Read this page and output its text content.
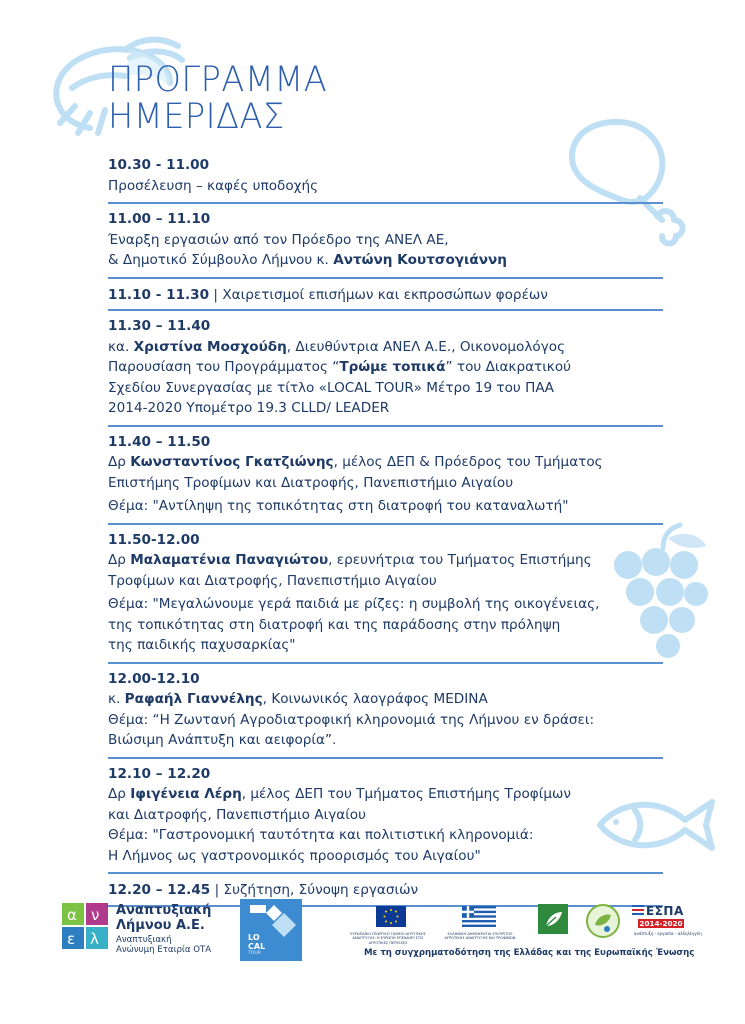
ΠΡΟΓΡΑΜΜΑ
ΗΜΕΡΙΔΑΣ
10.30 - 11.00
Προσέλευση – καφές υποδοχής
11.00 – 11.10
Έναρξη εργασιών από τον Πρόεδρο της ΑΝΕΛ ΑΕ,
& Δημοτικό Σύμβουλο Λήμνου κ. Αντώνη Κουτσογιάννη
11.10 - 11.30 | Χαιρετισμοί επισήμων και εκπροσώπων φορέων
11.30 – 11.40
κα. Χριστίνα Μοσχούδη, Διευθύντρια ΑΝΕΛ Α.Ε., Οικονομολόγος
Παρουσίαση του Προγράμματος “Τρώμε τοπικά” του Διακρατικού
Σχεδίου Συνεργασίας με τίτλο «LOCAL TOUR» Μέτρο 19 του ΠΑΑ
2014-2020 Υπομέτρο 19.3 CLLD/ LEADER
11.40 – 11.50
Δρ Κωνσταντίνος Γκατζιώνης, μέλος ΔΕΠ & Πρόεδρος του Τμήματος
Επιστήμης Τροφίμων και Διατροφής, Πανεπιστήμιο Αιγαίου
Θέμα: "Αντίληψη της τοπικότητας στη διατροφή του καταναλωτή"
11.50-12.00
Δρ Μαλαματένια Παναγιώτου, ερευνήτρια του Τμήματος Επιστήμης
Τροφίμων και Διατροφής, Πανεπιστήμιο Αιγαίου
Θέμα: "Μεγαλώνουμε γερά παιδιά με ρίζες: η συμβολή της οικογένειας,
της τοπικότητας στη διατροφή και της παράδοσης στην πρόληψη
της παιδικής παχυσαρκίας"
12.00-12.10
κ. Ραφαήλ Γιαννέλης, Κοινωνικός λαογράφος MEDINA
Θέμα: “Η Ζωντανή Αγροδιατροφική κληρονομιά της Λήμνου εν δράσει:
Βιώσιμη Ανάπτυξη και αειφορία”.
12.10 – 12.20
Δρ Ιφιγένεια Λέρη, μέλος ΔΕΠ του Τμήματος Επιστήμης Τροφίμων
και Διατροφής, Πανεπιστήμιο Αιγαίου
Θέμα: "Γαστρονομική ταυτότητα και πολιτιστική κληρονομιά:
Η Λήμνος ως γαστρονομικός προορισμός του Αιγαίου"
12.20 – 12.45 | Συζήτηση, Σύνοψη εργασιών
α ν
ε λ
Αναπτυξιακή
Λήμνου Α.Ε.
Αναπτυξιακή
Ανώνυμη Εταιρία ΟΤΑ
LO
CAL
TOUR
ΕΥΡΩΠΑΪΚΟ ΓΕΩΡΓΙΚΟ ΤΑΜΕΙΟ ΑΓΡΟΤΙΚΗΣ ΑΝΑΠΤΥΞΗΣ: Η ΕΥΡΩΠΗ ΕΠΕΝΔΥΕΙ ΣΤΙΣ ΑΓΡΟΤΙΚΕΣ ΠΕΡΙΟΧΕΣ
ΕΛΛΗΝΙΚΗ ΔΗΜΟΚΡΑΤΙΑ ΥΠΟΥΡΓΕΙΟ ΑΓΡΟΤΙΚΗΣ ΑΝΑΠΤΥΞΗΣ ΚΑΙ ΤΡΟΦΙΜΩΝ
ΕΣΠΑ
2014-2020
ανάπτυξη - εργασία - αλληλεγγύη
Με τη συγχρηματοδότηση της Ελλάδας και της Ευρωπαϊκής Ένωσης
